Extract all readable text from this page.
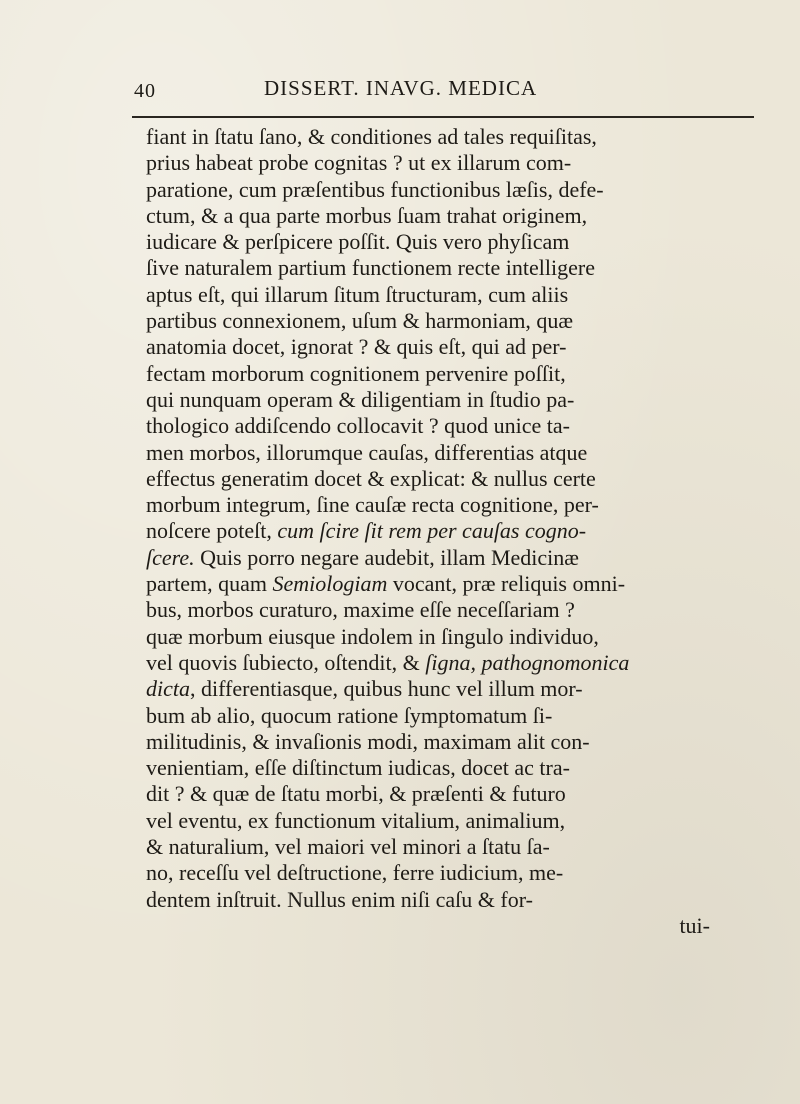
40	DISSERT. INAVG. MEDICA
fiant in ſtatu ſano, & conditiones ad tales requiſitas,
prius habeat probe cognitas ? ut ex illarum com-
paratione, cum præſentibus functionibus læſis, defe-
ctum, & a qua parte morbus ſuam trahat originem,
iudicare & perſpicere poſſit. Quis vero phyſicam
ſive naturalem partium functionem recte intelligere
aptus eſt, qui illarum ſitum ſtructuram, cum aliis
partibus connexionem, uſum & harmoniam, quæ
anatomia docet, ignorat ? & quis eſt, qui ad per-
fectam morborum cognitionem pervenire poſſit,
qui nunquam operam & diligentiam in ſtudio pa-
thologico addiſcendo collocavit ? quod unice ta-
men morbos, illorumque cauſas, differentias atque
effectus generatim docet & explicat: & nullus certe
morbum integrum, ſine cauſæ recta cognitione, per-
noſcere poteſt, cum ſcire ſit rem per cauſas cogno-
ſcere. Quis porro negare audebit, illam Medicinæ
partem, quam Semiologiam vocant, præ reliquis omni-
bus, morbos curaturo, maxime eſſe neceſſariam ?
quæ morbum eiusque indolem in ſingulo individuo,
vel quovis ſubiecto, oſtendit, & ſigna, pathognomonica
dicta, differentiasque, quibus hunc vel illum mor-
bum ab alio, quocum ratione ſymptomatum ſi-
militudinis, & invaſionis modi, maximam alit con-
venientiam, eſſe diſtinctum iudicas, docet ac tra-
dit ? & quæ de ſtatu morbi, & præſenti & futuro
vel eventu, ex functionum vitalium, animalium,
& naturalium, vel maiori vel minori a ſtatu ſa-
no, receſſu vel deſtructione, ferre iudicium, me-
dentem inſtruit. Nullus enim niſi caſu & for-
tui-
